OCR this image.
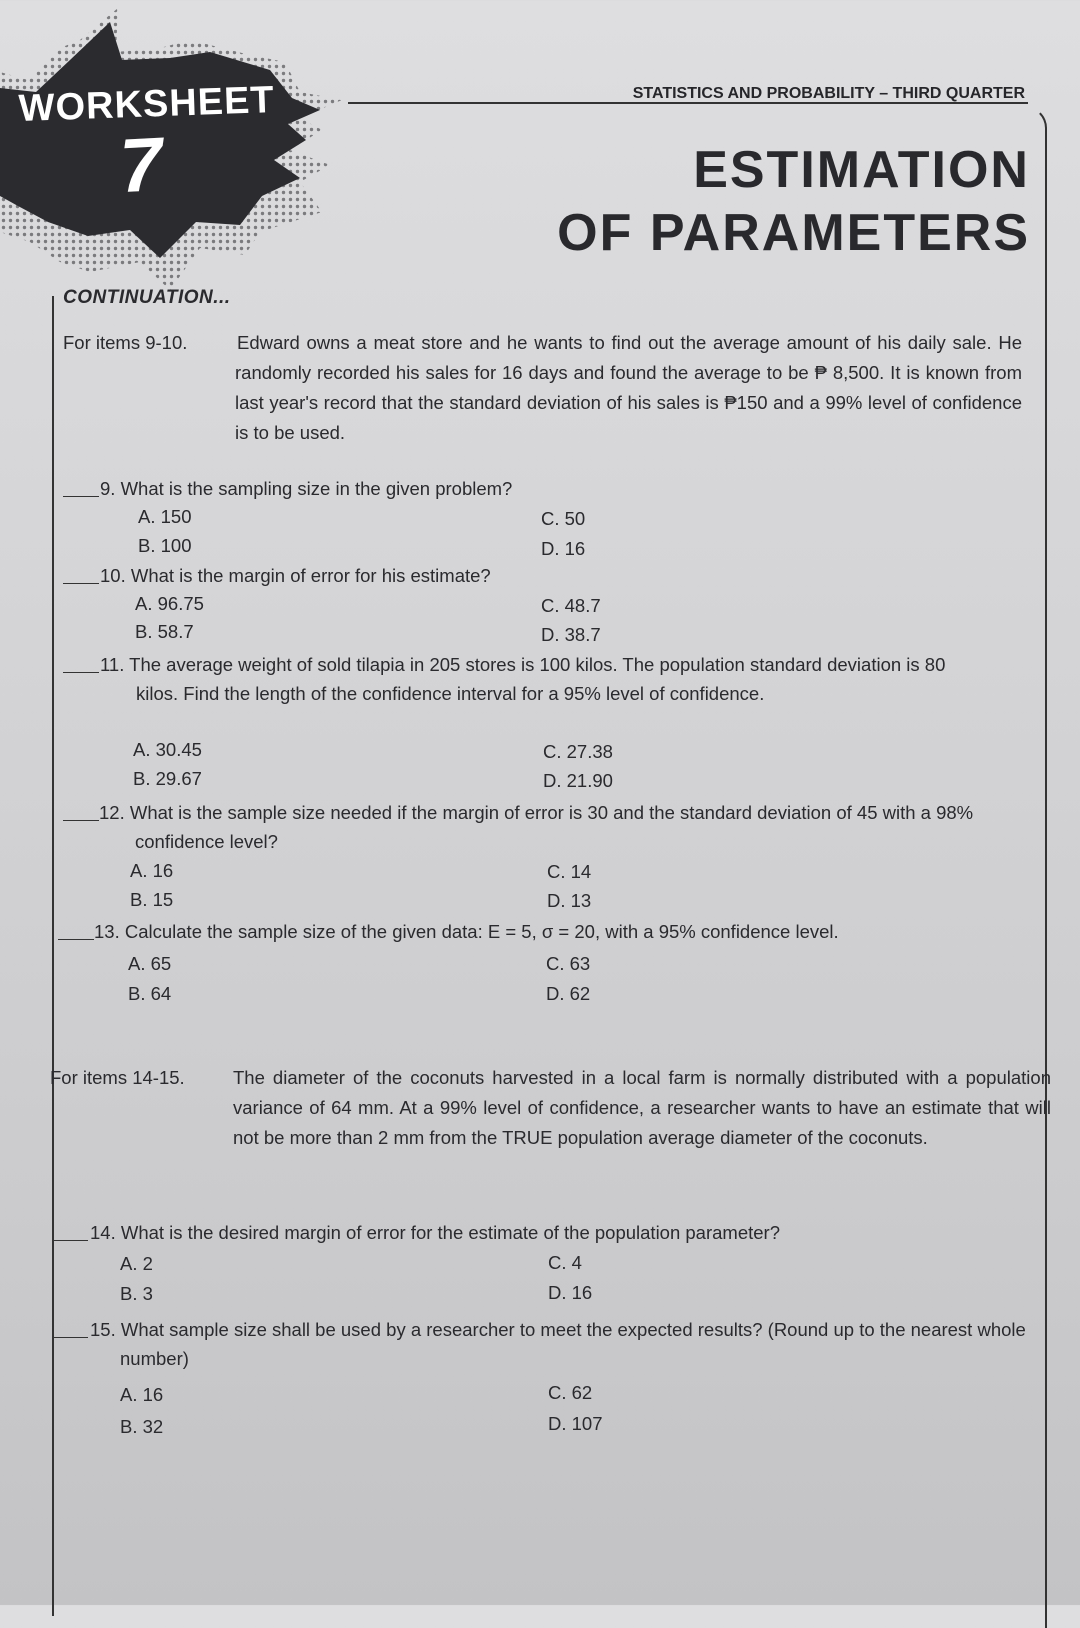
WORKSHEET
7
STATISTICS AND PROBABILITY – THIRD QUARTER
ESTIMATION
OF PARAMETERS
CONTINUATION...
For items 9-10.	Edward owns a meat store and he wants to find out the average amount of his daily sale. He randomly recorded his sales for 16 days and found the average to be ₱ 8,500. It is known from last year's record that the standard deviation of his sales is ₱150 and a 99% level of confidence is to be used.
9. What is the sampling size in the given problem?
A. 150
B. 100
C. 50
D. 16
10. What is the margin of error for his estimate?
A. 96.75
B. 58.7
C. 48.7
D. 38.7
11. The average weight of sold tilapia in 205 stores is 100 kilos. The population standard deviation is 80 kilos. Find the length of the confidence interval for a 95% level of confidence.
A. 30.45
B. 29.67
C. 27.38
D. 21.90
12. What is the sample size needed if the margin of error is 30 and the standard deviation of 45 with a 98% confidence level?
A. 16
B. 15
C. 14
D. 13
13. Calculate the sample size of the given data: E = 5, σ = 20, with a 95% confidence level.
A. 65
B. 64
C. 63
D. 62
For items 14-15.	The diameter of the coconuts harvested in a local farm is normally distributed with a population variance of 64 mm. At a 99% level of confidence, a researcher wants to have an estimate that will not be more than 2 mm from the TRUE population average diameter of the coconuts.
14. What is the desired margin of error for the estimate of the population parameter?
A. 2
B. 3
C. 4
D. 16
15. What sample size shall be used by a researcher to meet the expected results? (Round up to the nearest whole number)
A. 16
B. 32
C. 62
D. 107
